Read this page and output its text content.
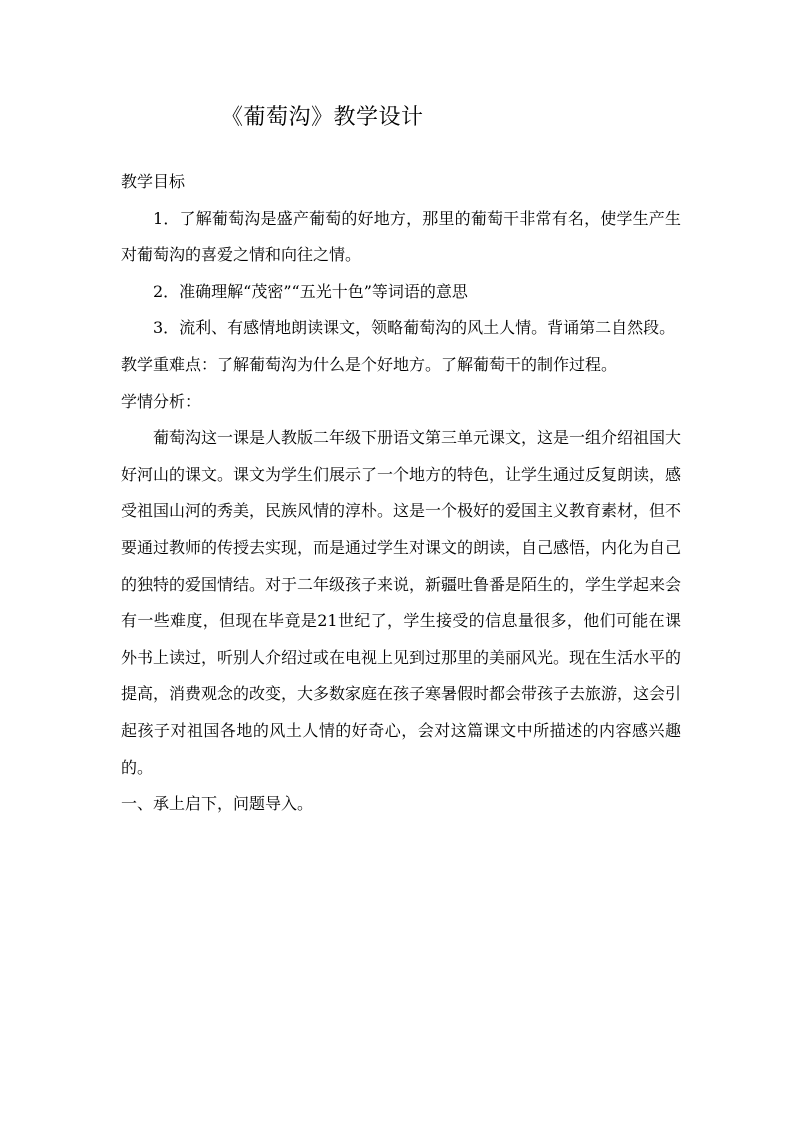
《葡萄沟》教学设计

教学目标

1．了解葡萄沟是盛产葡萄的好地方，那里的葡萄干非常有名，使学生产生对葡萄沟的喜爱之情和向往之情。

2．准确理解“茂密”“五光十色”等词语的意思

3．流利、有感情地朗读课文，领略葡萄沟的风土人情。背诵第二自然段。

教学重难点：了解葡萄沟为什么是个好地方。了解葡萄干的制作过程。

学情分析：

葡萄沟这一课是人教版二年级下册语文第三单元课文，这是一组介绍祖国大好河山的课文。课文为学生们展示了一个地方的特色，让学生通过反复朗读，感受祖国山河的秀美，民族风情的淳朴。这是一个极好的爱国主义教育素材，但不要通过教师的传授去实现，而是通过学生对课文的朗读，自己感悟，内化为自己的独特的爱国情结。对于二年级孩子来说，新疆吐鲁番是陌生的，学生学起来会有一些难度，但现在毕竟是21世纪了，学生接受的信息量很多，他们可能在课外书上读过，听别人介绍过或在电视上见到过那里的美丽风光。现在生活水平的提高，消费观念的改变，大多数家庭在孩子寒暑假时都会带孩子去旅游，这会引起孩子对祖国各地的风土人情的好奇心，会对这篇课文中所描述的内容感兴趣的。

一、承上启下，问题导入。
